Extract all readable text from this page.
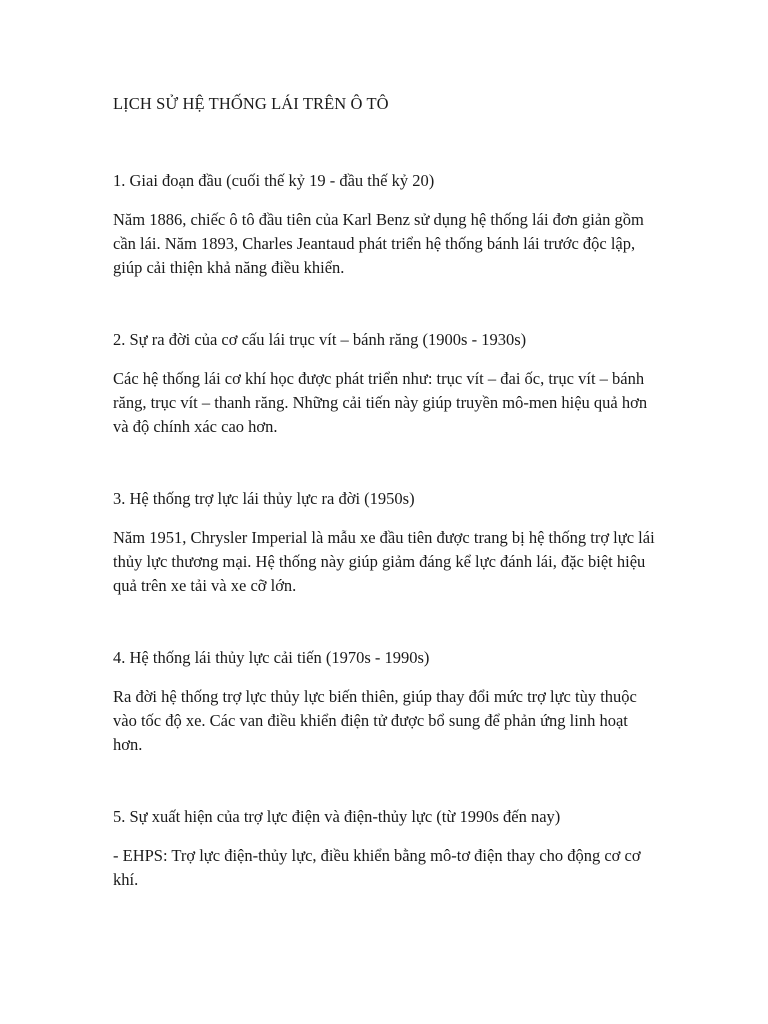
LỊCH SỬ HỆ THỐNG LÁI TRÊN Ô TÔ

1. Giai đoạn đầu (cuối thế kỷ 19 - đầu thế kỷ 20)

Năm 1886, chiếc ô tô đầu tiên của Karl Benz sử dụng hệ thống lái đơn giản gồm cần lái. Năm 1893, Charles Jeantaud phát triển hệ thống bánh lái trước độc lập, giúp cải thiện khả năng điều khiển.

2. Sự ra đời của cơ cấu lái trục vít – bánh răng (1900s - 1930s)

Các hệ thống lái cơ khí học được phát triển như: trục vít – đai ốc, trục vít – bánh răng, trục vít – thanh răng. Những cải tiến này giúp truyền mô-men hiệu quả hơn và độ chính xác cao hơn.

3. Hệ thống trợ lực lái thủy lực ra đời (1950s)

Năm 1951, Chrysler Imperial là mẫu xe đầu tiên được trang bị hệ thống trợ lực lái thủy lực thương mại. Hệ thống này giúp giảm đáng kể lực đánh lái, đặc biệt hiệu quả trên xe tải và xe cỡ lớn.

4. Hệ thống lái thủy lực cải tiến (1970s - 1990s)

Ra đời hệ thống trợ lực thủy lực biến thiên, giúp thay đổi mức trợ lực tùy thuộc vào tốc độ xe. Các van điều khiển điện tử được bổ sung để phản ứng linh hoạt hơn.

5. Sự xuất hiện của trợ lực điện và điện-thủy lực (từ 1990s đến nay)

- EHPS: Trợ lực điện-thủy lực, điều khiển bằng mô-tơ điện thay cho động cơ cơ khí.
